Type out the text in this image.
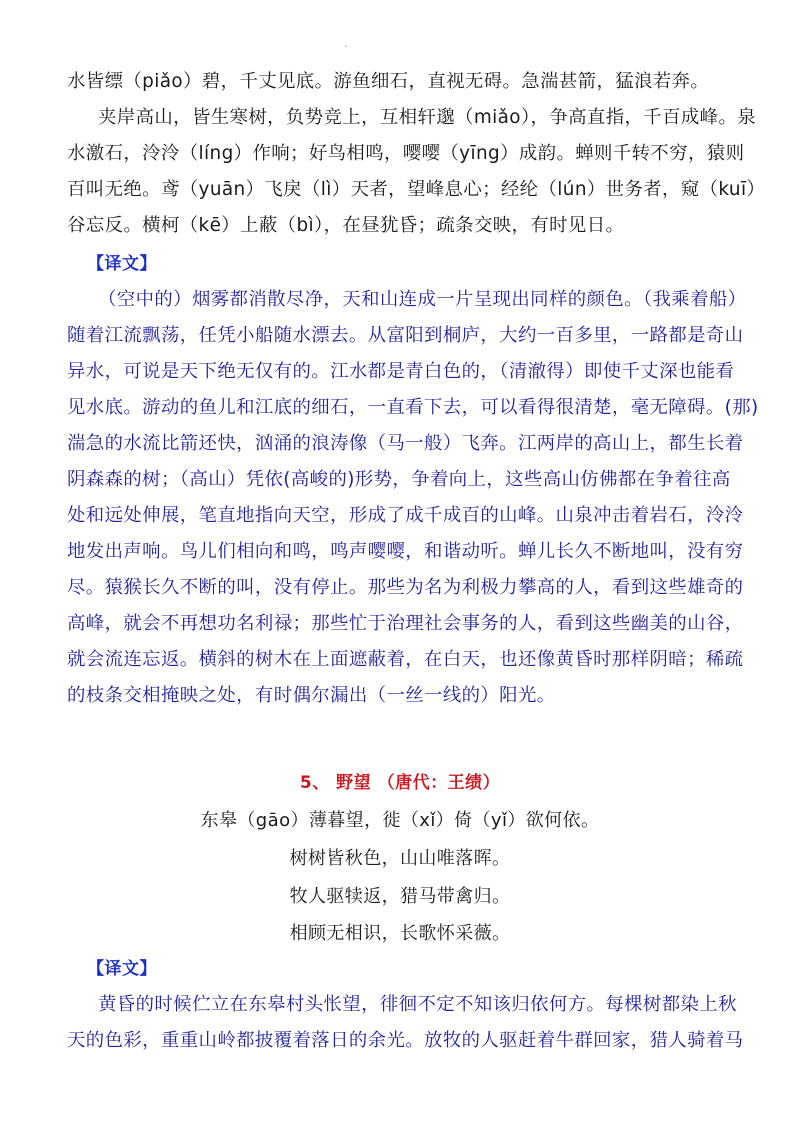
水皆缥（piǎo）碧，千丈见底。游鱼细石，直视无碍。急湍甚箭，猛浪若奔。
夹岸高山，皆生寒树，负势竞上，互相轩邈（miǎo），争高直指，千百成峰。泉
水激石，泠泠（líng）作响；好鸟相鸣，嘤嘤（yīng）成韵。蝉则千转不穷，猿则
百叫无绝。鸢（yuān）飞戾（lì）天者，望峰息心；经纶（lún）世务者，窥（kuī）
谷忘反。横柯（kē）上蔽（bì），在昼犹昏；疏条交映，有时见日。
【译文】
（空中的）烟雾都消散尽净，天和山连成一片呈现出同样的颜色。（我乘着船）
随着江流飘荡，任凭小船随水漂去。从富阳到桐庐，大约一百多里，一路都是奇山
异水，可说是天下绝无仅有的。江水都是青白色的，（清澈得）即使千丈深也能看
见水底。游动的鱼儿和江底的细石，一直看下去，可以看得很清楚，毫无障碍。(那)
湍急的水流比箭还快，汹涌的浪涛像（马一般）飞奔。江两岸的高山上，都生长着
阴森森的树；（高山）凭依(高峻的)形势，争着向上，这些高山仿佛都在争着往高
处和远处伸展，笔直地指向天空，形成了成千成百的山峰。山泉冲击着岩石，泠泠
地发出声响。鸟儿们相向和鸣，鸣声嘤嘤，和谐动听。蝉儿长久不断地叫，没有穷
尽。猿猴长久不断的叫，没有停止。那些为名为利极力攀高的人，看到这些雄奇的
高峰，就会不再想功名利禄；那些忙于治理社会事务的人，看到这些幽美的山谷，
就会流连忘返。横斜的树木在上面遮蔽着，在白天，也还像黄昏时那样阴暗；稀疏
的枝条交相掩映之处，有时偶尔漏出（一丝一线的）阳光。
5、 野望 （唐代：王绩）
东皋（gāo）薄暮望，徙（xǐ）倚（yǐ）欲何依。
树树皆秋色，山山唯落晖。
牧人驱犊返，猎马带禽归。
相顾无相识，长歌怀采薇。
【译文】
黄昏的时候伫立在东皋村头怅望，徘徊不定不知该归依何方。每棵树都染上秋
天的色彩，重重山岭都披覆着落日的余光。放牧的人驱赶着牛群回家，猎人骑着马
